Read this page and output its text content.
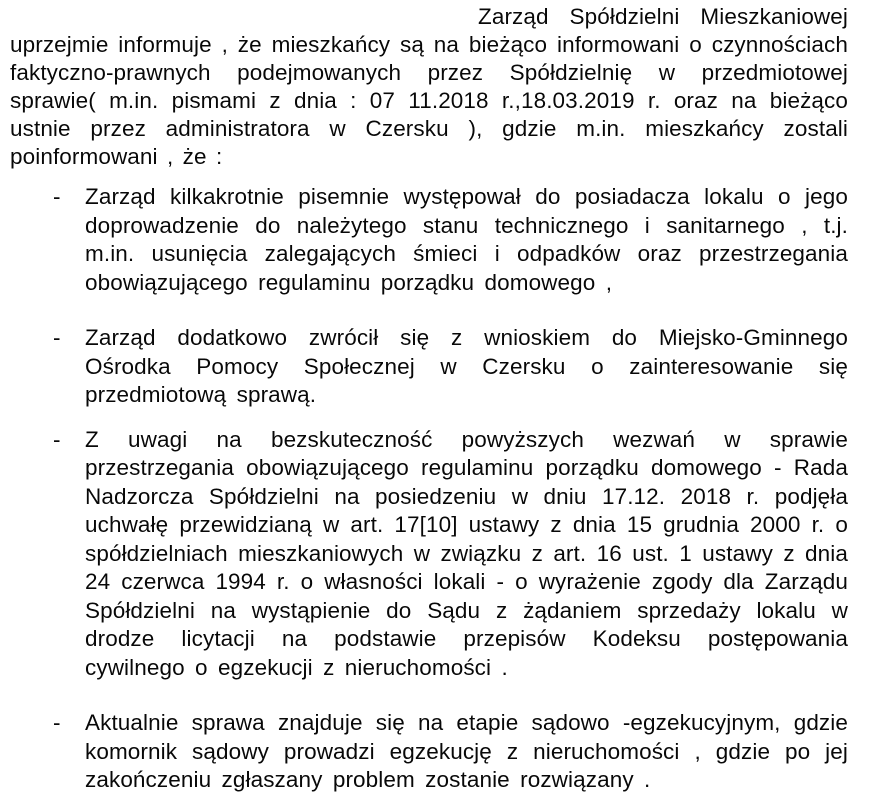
Zarząd Spółdzielni Mieszkaniowej uprzejmie informuje , że mieszkańcy są na bieżąco informowani o czynnościach faktyczno-prawnych podejmowanych przez Spółdzielnię w przedmiotowej sprawie( m.in. pismami z dnia : 07 11.2018 r.,18.03.2019 r. oraz na bieżąco ustnie przez administratora w Czersku ), gdzie m.in. mieszkańcy zostali poinformowani , że :

-	Zarząd kilkakrotnie pisemnie występował do posiadacza lokalu o jego doprowadzenie do należytego stanu technicznego i sanitarnego , t.j. m.in. usunięcia zalegających śmieci i odpadków oraz przestrzegania obowiązującego regulaminu porządku domowego ,

-	Zarząd dodatkowo zwrócił się z wnioskiem do Miejsko-Gminnego Ośrodka Pomocy Społecznej w Czersku o zainteresowanie się przedmiotową sprawą.

-	Z uwagi na bezskuteczność powyższych wezwań w sprawie przestrzegania obowiązującego regulaminu porządku domowego - Rada Nadzorcza Spółdzielni na posiedzeniu w dniu 17.12. 2018 r. podjęła uchwałę przewidzianą w art. 17[10] ustawy z dnia 15 grudnia 2000 r. o spółdzielniach mieszkaniowych w związku z art. 16 ust. 1 ustawy z dnia 24 czerwca 1994 r. o własności lokali - o wyrażenie zgody dla Zarządu Spółdzielni na wystąpienie do Sądu z żądaniem sprzedaży lokalu w drodze licytacji na podstawie przepisów Kodeksu postępowania cywilnego o egzekucji z nieruchomości .

-	Aktualnie sprawa znajduje się na etapie sądowo -egzekucyjnym, gdzie komornik sądowy prowadzi egzekucję z nieruchomości , gdzie po jej zakończeniu zgłaszany problem zostanie rozwiązany .
